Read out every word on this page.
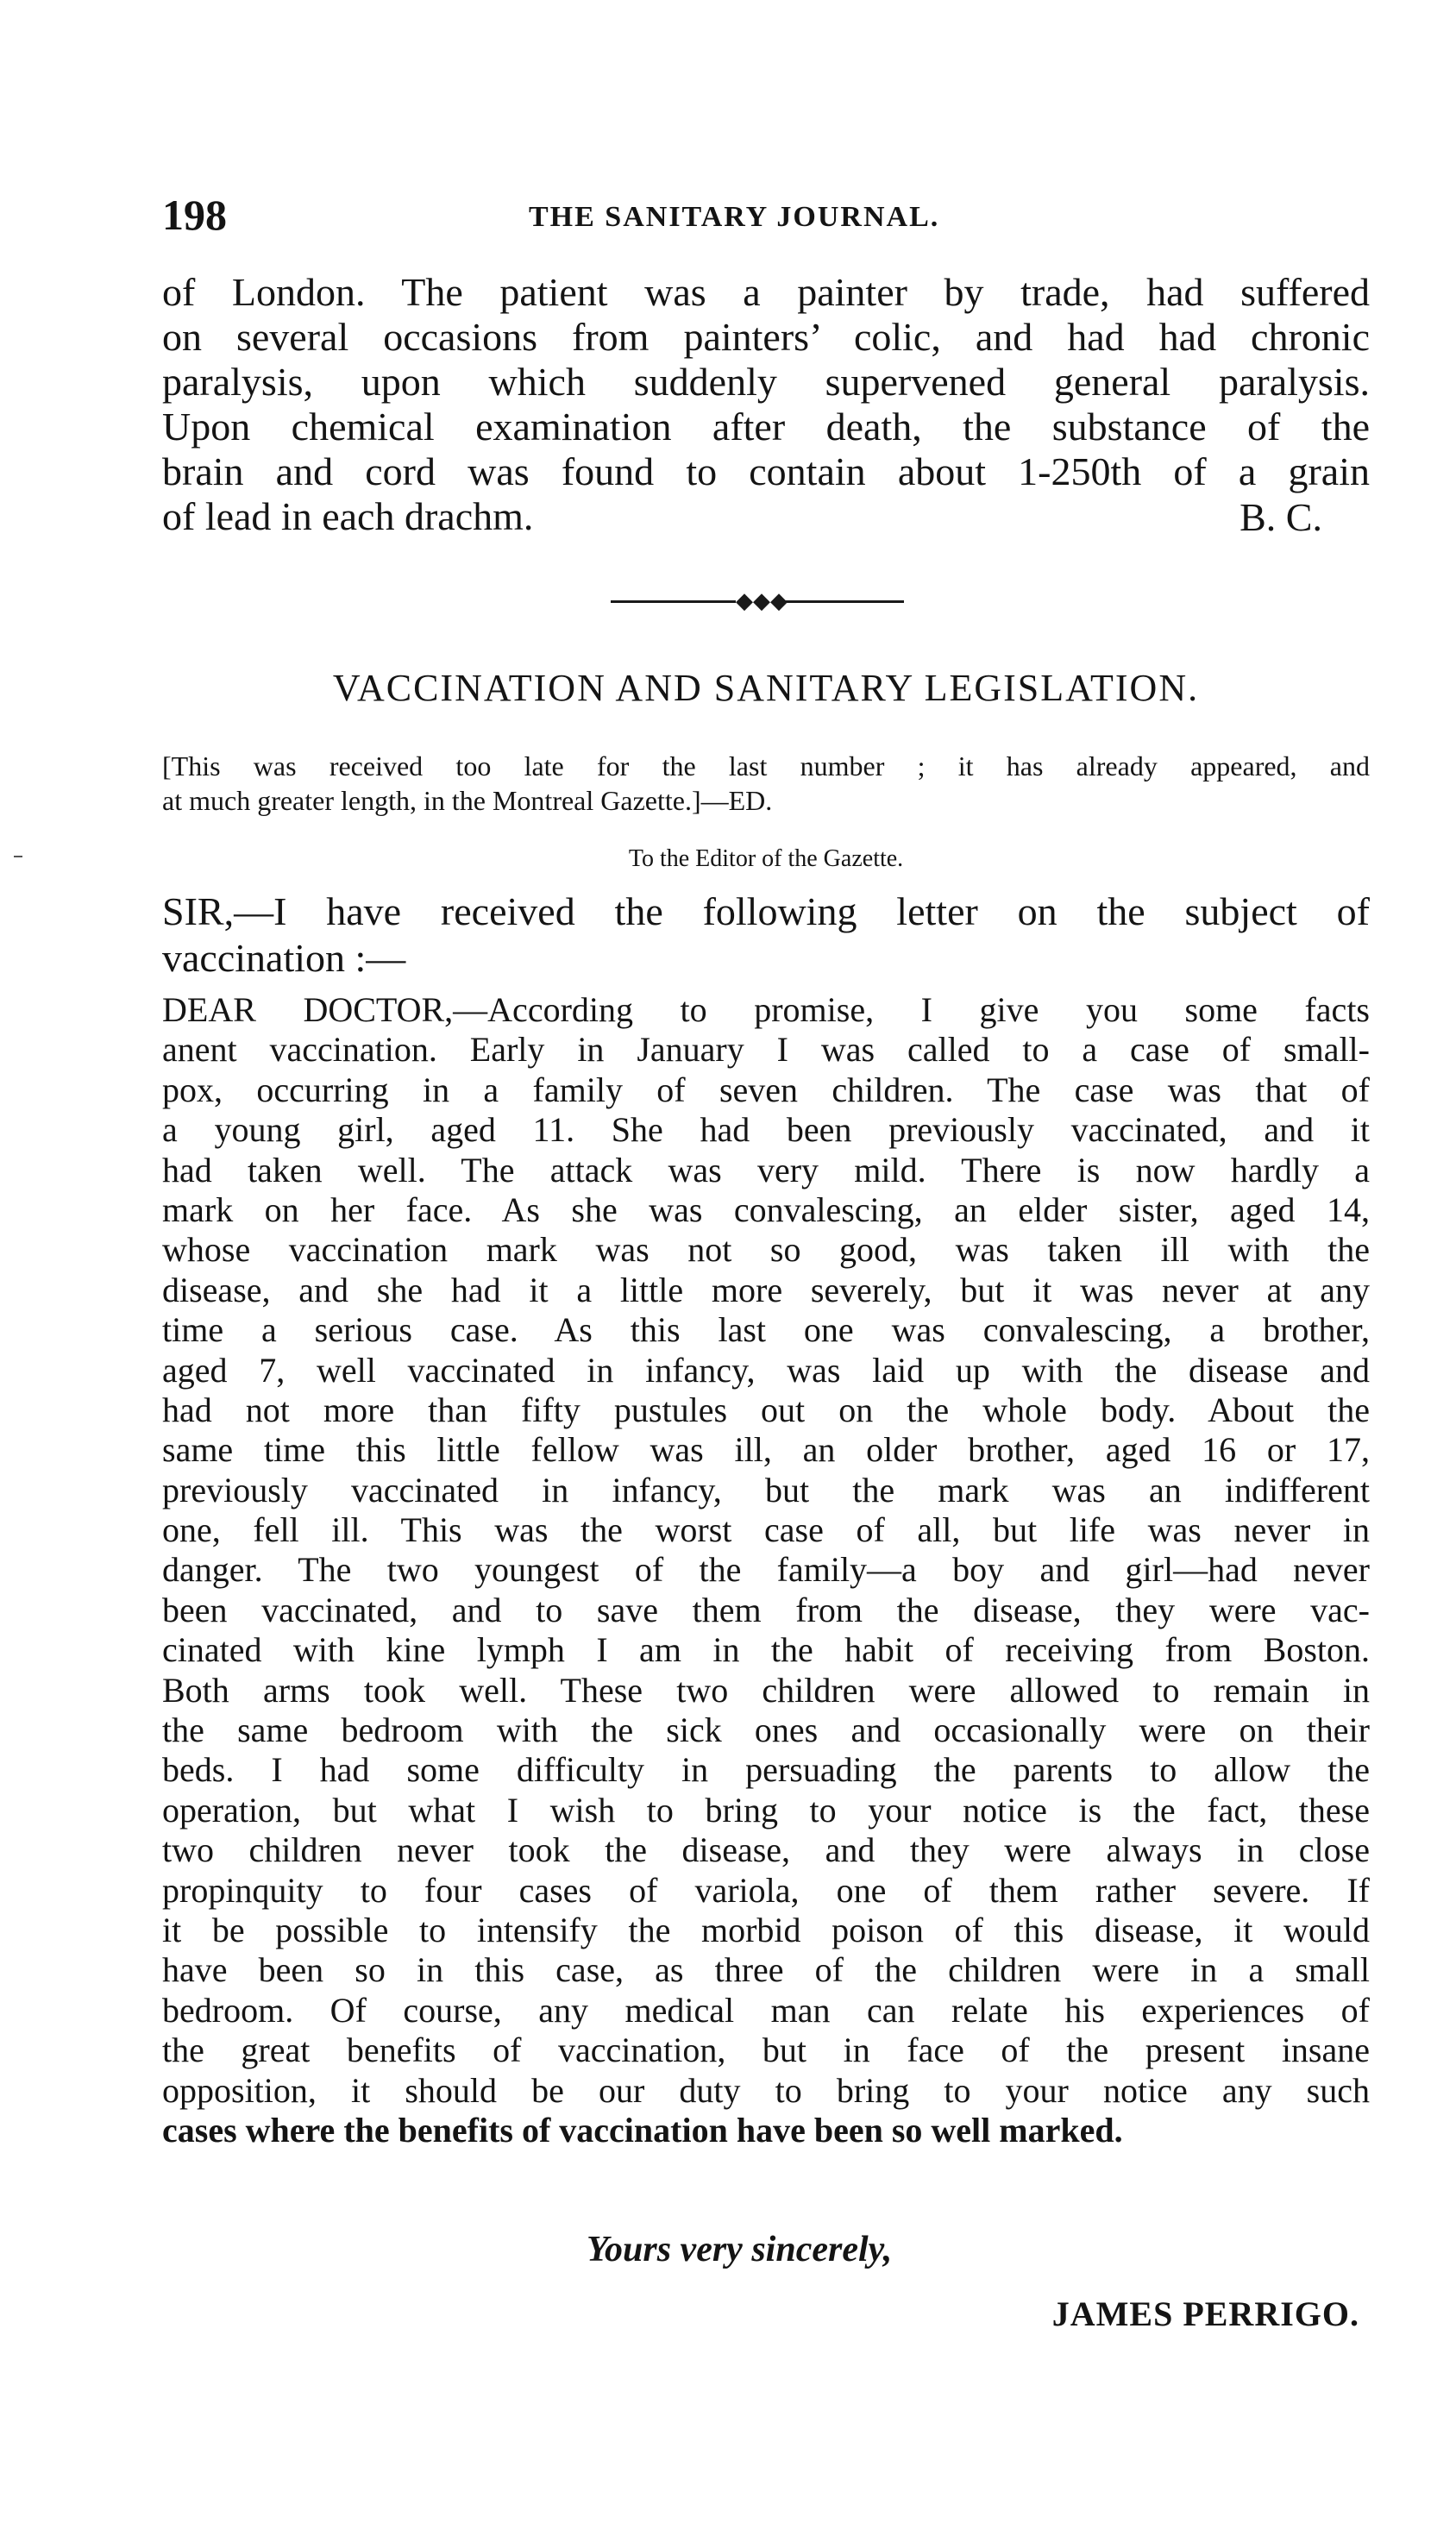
198	THE SANITARY JOURNAL.
of London. The patient was a painter by trade, had suffered
on several occasions from painters’ colic, and had had chronic
paralysis, upon which suddenly supervened general paralysis.
Upon chemical examination after death, the substance of the
brain and cord was found to contain about 1-250th of a grain
of lead in each drachm.	B. C.
◆◆◆
VACCINATION AND SANITARY LEGISLATION.
[This was received too late for the last number ; it has already appeared, and
at much greater length, in the Montreal Gazette.]—ED.
To the Editor of the Gazette.
SIR,—I have received the following letter on the subject of
vaccination :—
DEAR DOCTOR,—According to promise, I give you some facts
anent vaccination. Early in January I was called to a case of small-
pox, occurring in a family of seven children. The case was that of
a young girl, aged 11. She had been previously vaccinated, and it
had taken well. The attack was very mild. There is now hardly a
mark on her face. As she was convalescing, an elder sister, aged 14,
whose vaccination mark was not so good, was taken ill with the
disease, and she had it a little more severely, but it was never at any
time a serious case. As this last one was convalescing, a brother,
aged 7, well vaccinated in infancy, was laid up with the disease and
had not more than fifty pustules out on the whole body. About the
same time this little fellow was ill, an older brother, aged 16 or 17,
previously vaccinated in infancy, but the mark was an indifferent
one, fell ill. This was the worst case of all, but life was never in
danger. The two youngest of the family—a boy and girl—had never
been vaccinated, and to save them from the disease, they were vac-
cinated with kine lymph I am in the habit of receiving from Boston.
Both arms took well. These two children were allowed to remain in
the same bedroom with the sick ones and occasionally were on their
beds. I had some difficulty in persuading the parents to allow the
operation, but what I wish to bring to your notice is the fact, these
two children never took the disease, and they were always in close
propinquity to four cases of variola, one of them rather severe. If
it be possible to intensify the morbid poison of this disease, it would
have been so in this case, as three of the children were in a small
bedroom. Of course, any medical man can relate his experiences of
the great benefits of vaccination, but in face of the present insane
opposition, it should be our duty to bring to your notice any such
cases where the benefits of vaccination have been so well marked.
Yours very sincerely,
JAMES PERRIGO.
